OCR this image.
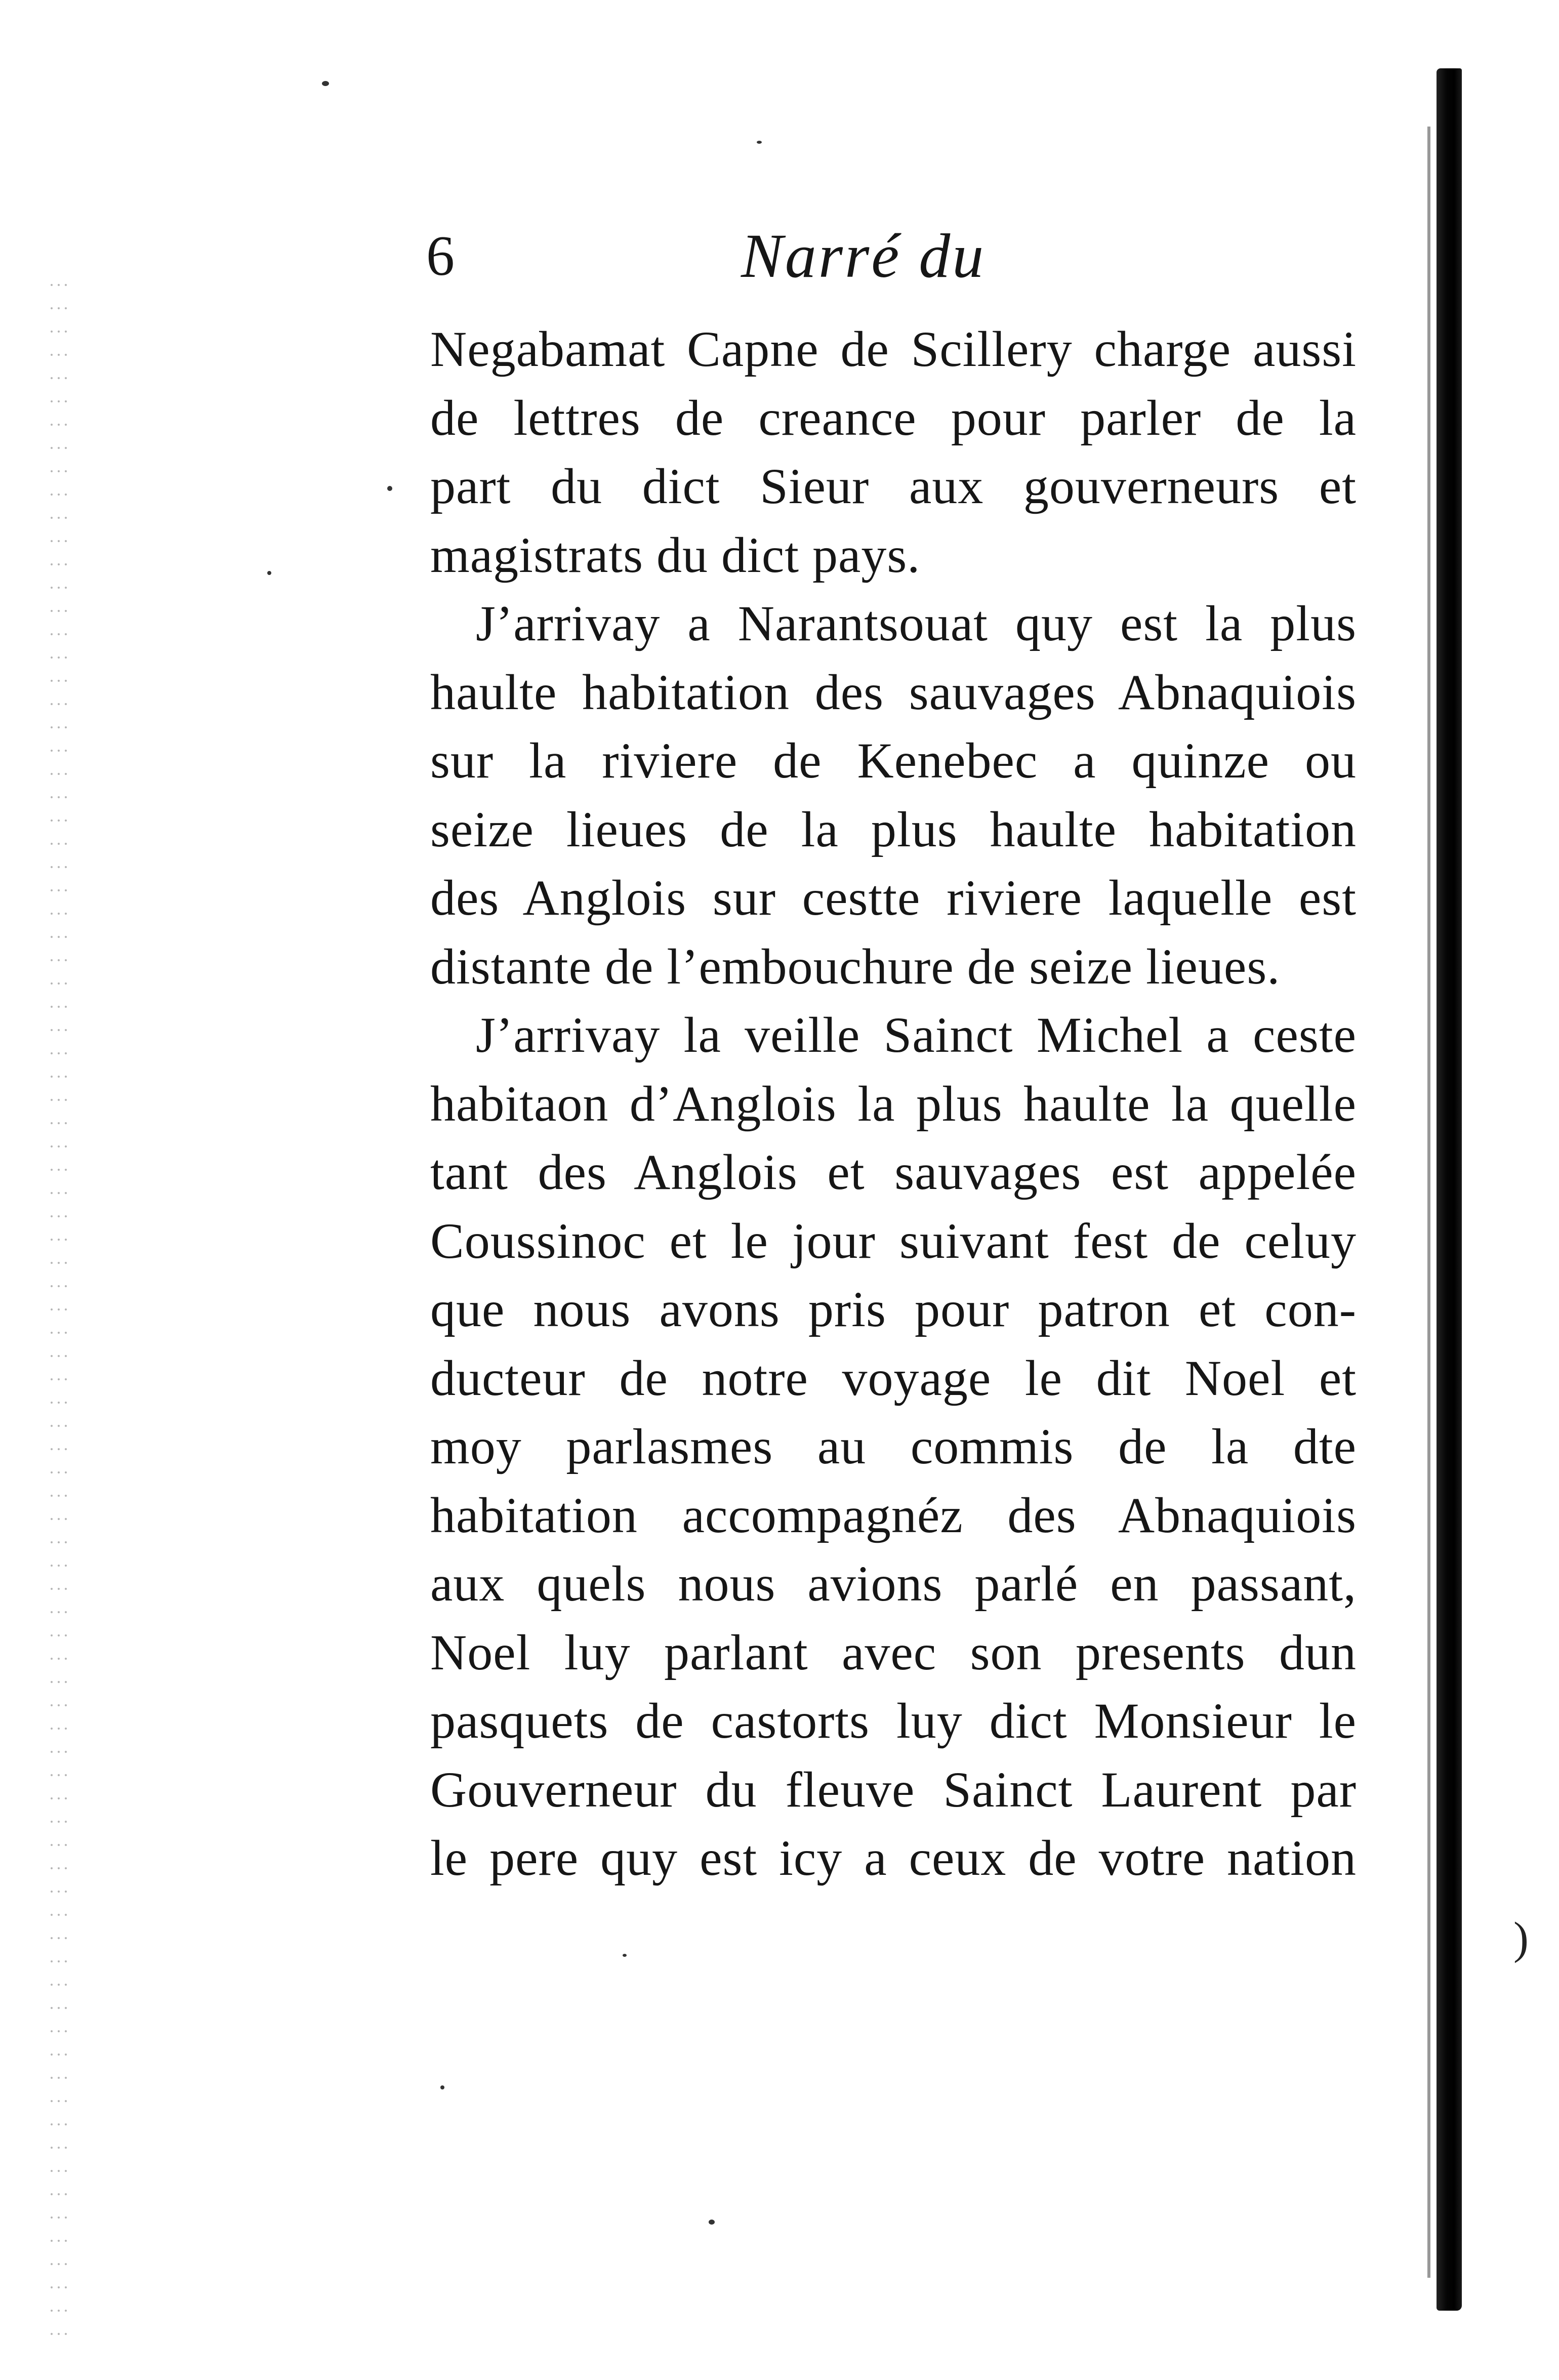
6	Narré du
Negabamat Capne de Scillery charge aussi
de lettres de creance pour parler de la
part du dict Sieur aux gouverneurs et
magistrats du dict pays.
J’arrivay a Narantsouat quy est la plus
haulte habitation des sauvages Abnaquiois
sur la riviere de Kenebec a quinze ou
seize lieues de la plus haulte habitation
des Anglois sur cestte riviere laquelle est
distante de l’embouchure de seize lieues.
J’arrivay la veille Sainct Michel a ceste
habitaon d’Anglois la plus haulte la quelle
tant des Anglois et sauvages est appelée
Coussinoc et le jour suivant fest de celuy
que nous avons pris pour patron et con-
ducteur de notre voyage le dit Noel et
moy parlasmes au commis de la dte
habitation accompagnéz des Abnaquiois
aux quels nous avions parlé en passant,
Noel luy parlant avec son presents dun
pasquets de castorts luy dict Monsieur le
Gouverneur du fleuve Sainct Laurent par
le pere quy est icy a ceux de votre nation
)
